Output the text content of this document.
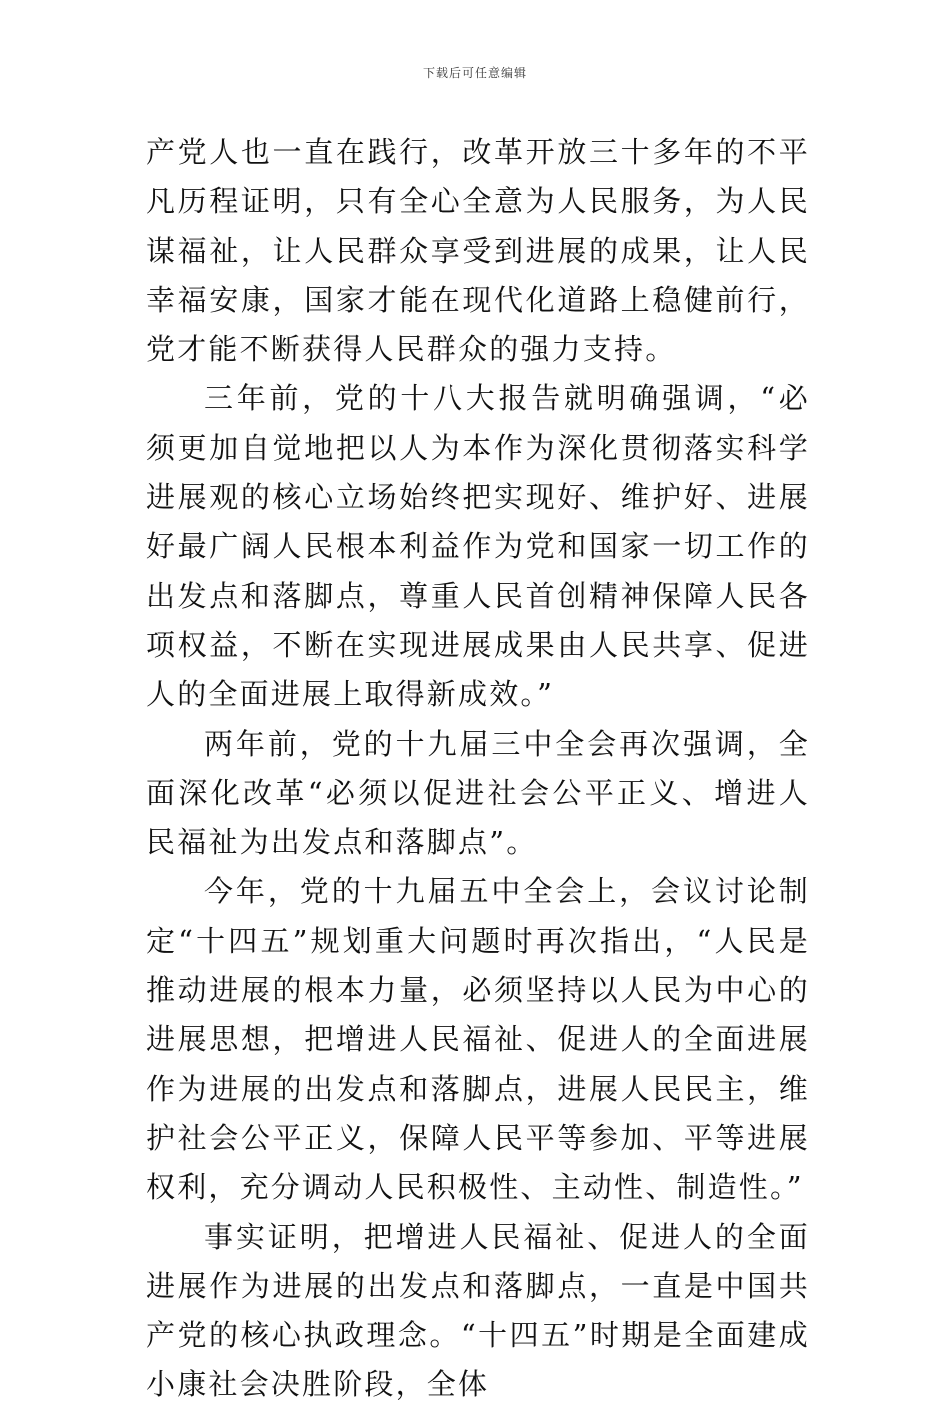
下载后可任意编辑

产党人也一直在践行，改革开放三十多年的不平凡历程证明，只有全心全意为人民服务，为人民谋福祉，让人民群众享受到进展的成果，让人民幸福安康，国家才能在现代化道路上稳健前行，党才能不断获得人民群众的强力支持。

三年前，党的十八大报告就明确强调，“必须更加自觉地把以人为本作为深化贯彻落实科学进展观的核心立场始终把实现好、维护好、进展好最广阔人民根本利益作为党和国家一切工作的出发点和落脚点，尊重人民首创精神保障人民各项权益，不断在实现进展成果由人民共享、促进人的全面进展上取得新成效。”

两年前，党的十九届三中全会再次强调，全面深化改革“必须以促进社会公平正义、增进人民福祉为出发点和落脚点”。

今年，党的十九届五中全会上，会议讨论制定“十四五”规划重大问题时再次指出，“人民是推动进展的根本力量，必须坚持以人民为中心的进展思想，把增进人民福祉、促进人的全面进展作为进展的出发点和落脚点，进展人民民主，维护社会公平正义，保障人民平等参加、平等进展权利，充分调动人民积极性、主动性、制造性。”

事实证明，把增进人民福祉、促进人的全面进展作为进展的出发点和落脚点，一直是中国共产党的核心执政理念。“十四五”时期是全面建成小康社会决胜阶段，全体
